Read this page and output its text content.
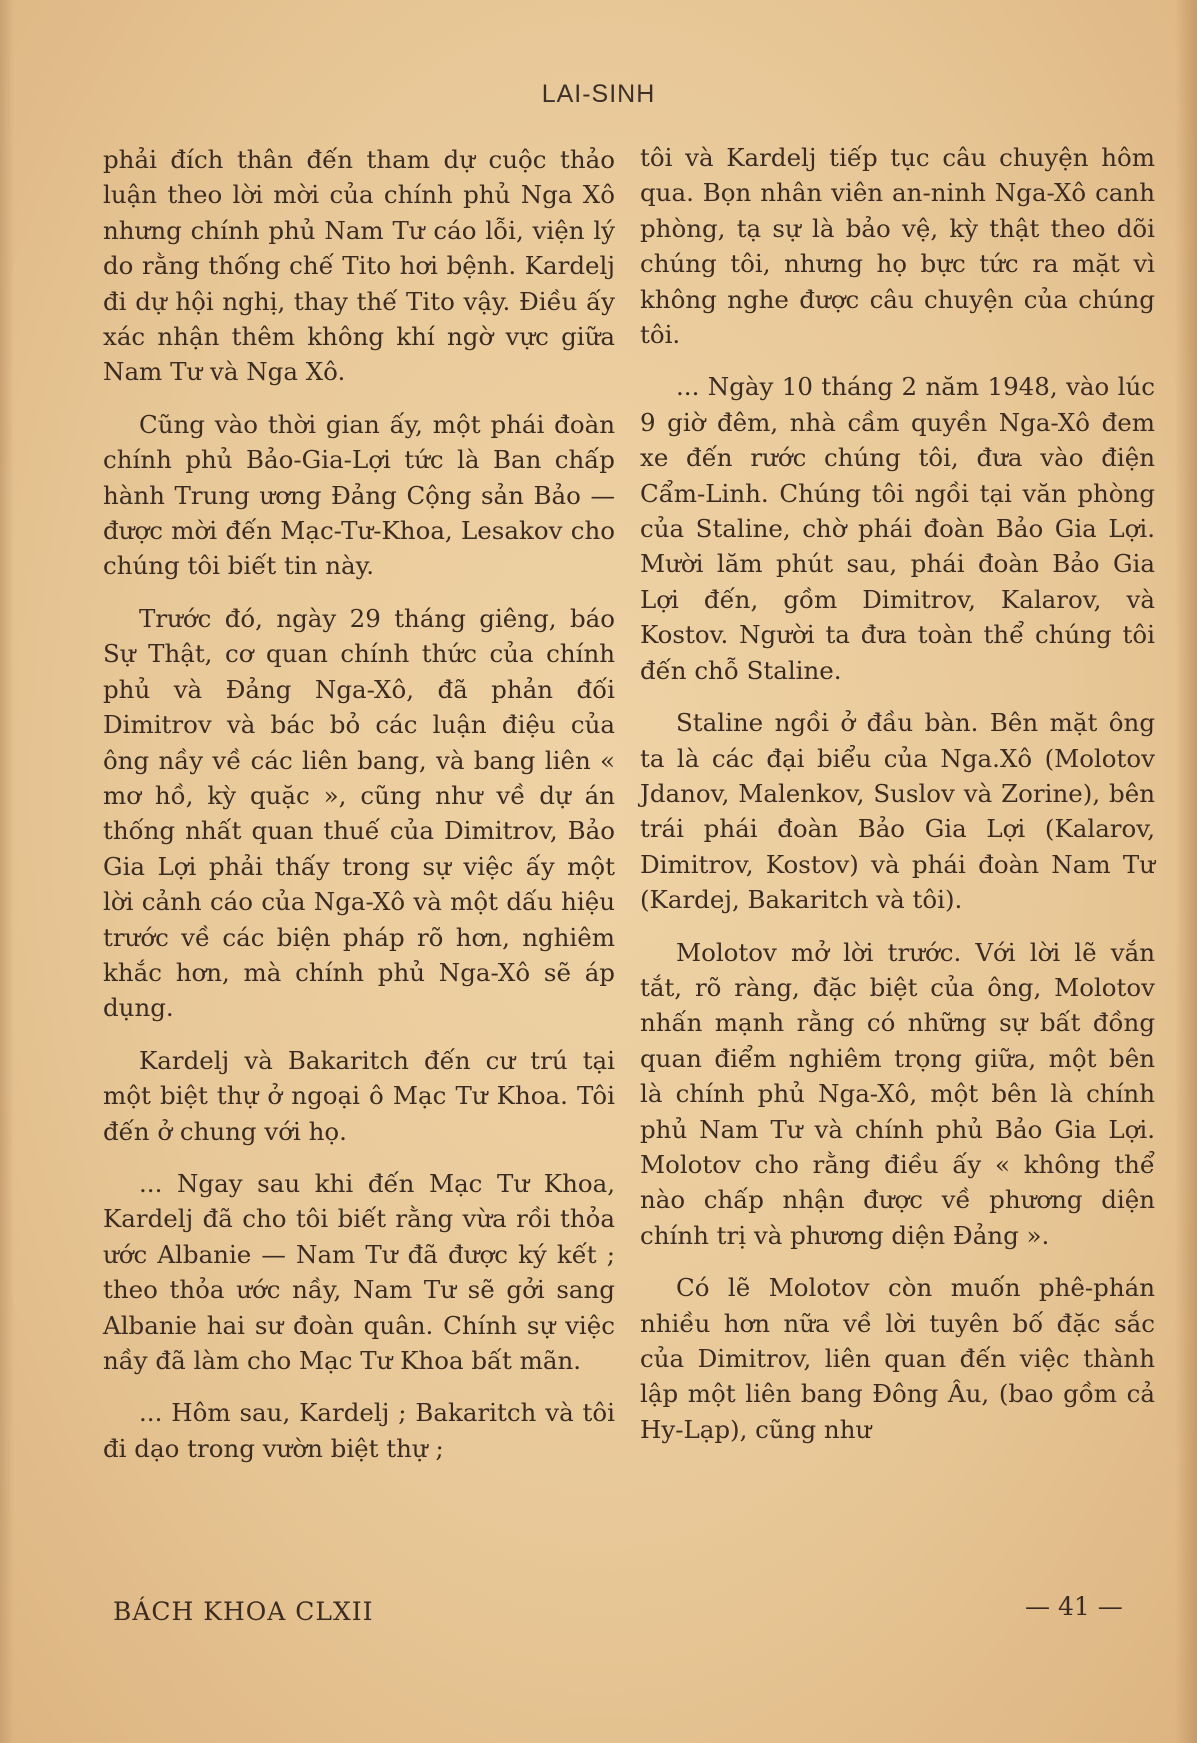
LAI-SINH

phải đích thân đến tham dự cuộc thảo luận theo lời mời của chính phủ Nga Xô nhưng chính phủ Nam Tư cáo lỗi, viện lý do rằng thống chế Tito hơi bệnh. Kardelj đi dự hội nghị, thay thế Tito vậy. Điều ấy xác nhận thêm không khí ngờ vực giữa Nam Tư và Nga Xô.

Cũng vào thời gian ấy, một phái đoàn chính phủ Bảo-Gia-Lợi tức là Ban chấp hành Trung ương Đảng Cộng sản Bảo — được mời đến Mạc-Tư-Khoa, Lesakov cho chúng tôi biết tin này.

Trước đó, ngày 29 tháng giêng, báo Sự Thật, cơ quan chính thức của chính phủ và Đảng Nga-Xô, đã phản đối Dimitrov và bác bỏ các luận điệu của ông nầy về các liên bang, và bang liên « mơ hồ, kỳ quặc », cũng như về dự án thống nhất quan thuế của Dimitrov, Bảo Gia Lợi phải thấy trong sự việc ấy một lời cảnh cáo của Nga-Xô và một dấu hiệu trước về các biện pháp rõ hơn, nghiêm khắc hơn, mà chính phủ Nga-Xô sẽ áp dụng.

Kardelj và Bakaritch đến cư trú tại một biệt thự ở ngoại ô Mạc Tư Khoa. Tôi đến ở chung với họ.

... Ngay sau khi đến Mạc Tư Khoa, Kardelj đã cho tôi biết rằng vừa rồi thỏa ước Albanie — Nam Tư đã được ký kết ; theo thỏa ước nầy, Nam Tư sẽ gởi sang Albanie hai sư đoàn quân. Chính sự việc nầy đã làm cho Mạc Tư Khoa bất mãn.

... Hôm sau, Kardelj ; Bakaritch và tôi đi dạo trong vườn biệt thự ;

tôi và Kardelj tiếp tục câu chuyện hôm qua. Bọn nhân viên an-ninh Nga-Xô canh phòng, tạ sự là bảo vệ, kỳ thật theo dõi chúng tôi, nhưng họ bực tức ra mặt vì không nghe được câu chuyện của chúng tôi.

... Ngày 10 tháng 2 năm 1948, vào lúc 9 giờ đêm, nhà cầm quyền Nga-Xô đem xe đến rước chúng tôi, đưa vào điện Cẩm-Linh. Chúng tôi ngồi tại văn phòng của Staline, chờ phái đoàn Bảo Gia Lợi. Mười lăm phút sau, phái đoàn Bảo Gia Lợi đến, gồm Dimitrov, Kalarov, và Kostov. Người ta đưa toàn thể chúng tôi đến chỗ Staline.

Staline ngồi ở đầu bàn. Bên mặt ông ta là các đại biểu của Nga.Xô (Molotov Jdanov, Malenkov, Suslov và Zorine), bên trái phái đoàn Bảo Gia Lợi (Kalarov, Dimitrov, Kostov) và phái đoàn Nam Tư (Kardej, Bakaritch và tôi).

Molotov mở lời trước. Với lời lẽ vắn tắt, rõ ràng, đặc biệt của ông, Molotov nhấn mạnh rằng có những sự bất đồng quan điểm nghiêm trọng giữa, một bên là chính phủ Nga-Xô, một bên là chính phủ Nam Tư và chính phủ Bảo Gia Lợi. Molotov cho rằng điều ấy « không thể nào chấp nhận được về phương diện chính trị và phương diện Đảng ».

Có lẽ Molotov còn muốn phê-phán nhiều hơn nữa về lời tuyên bố đặc sắc của Dimitrov, liên quan đến việc thành lập một liên bang Đông Âu, (bao gồm cả Hy-Lạp), cũng như

BÁCH KHOA CLXII	— 41 —
